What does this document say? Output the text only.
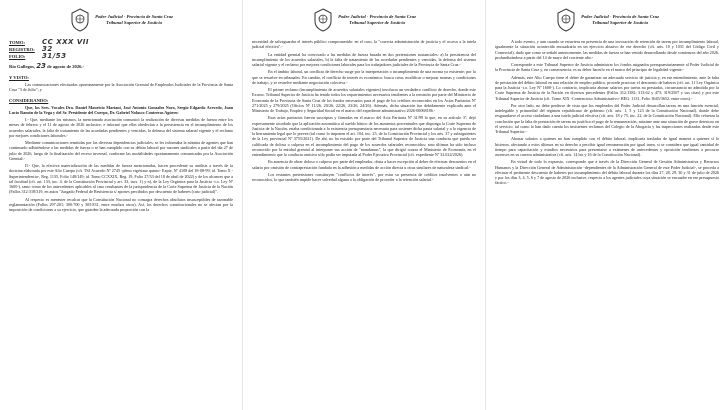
Poder Judicial - Provincia de Santa Cruz
Tribunal Superior de Justicia
TOMO:	CC XXX VII
REGISTRO:	32
FOLIO:	31/53
Río Gallegos, 23 de agosto de 2026.-
Y VISTO:

Las comunicaciones efectuadas oportunamente por la Asociación Gremial de Empleados Judiciales de la Provincia de Santa Cruz "3 de Julio"; y

CONSIDERANDO:

Que, los Sres. Vocales Dra. Daniel Mauricio Mariani, José Antonio Gonzalez Nora, Sergio Edgardo Acevedo, Juan Lucio Ramón de la Vega y del Sr. Presidente del Cuerpo, Dr. Gabriel Nolasco Contreras Agüero:

I.- Que, mediante los mismos, la mencionada asociación comunicó la realización de diversas medidas de fuerza entre los meses de febrero y el 11 de agosto de 2026 inclusive, e informó que ellas obedecían a la persistencia en el incumplimiento de los acuerdos salariales, la falta de tratamiento de las acordadas pendientes y vencidas, la defensa del sistema salarial vigente y el reclamo por mejores condiciones laborales.-

Mediante comunicaciones remitidas por las diversas dependencias judiciales, se les informaba la nómina de agentes que han continuado adhiriéndose a las medidas de fuerza o se han cumplido con su débito laboral por razones sindicales a partir del día 27 de julio de 2026, luego de la finalización del receso invernal, conforme las modalidades oportunamente comunicadas por la Asociación Gremial.-

II.- Que, la efectiva materialización de las medidas de fuerza mencionadas, hacen procedente su análisis a través de la doctrina elaborada por este Alto Cuerpo (cft. TSJ Acuerdo Nº 2745 -pleno vigésimo quinto- Expte. Nº 4108 del 18-08-99; id. Tomo X -Superintendencia-, Reg. 1135, Folio 148/149; id. Tomo CCXXIX, Reg. 19, Folio 27/33 del 18 de abril de 2022) y de los alcances que a tal facultad (cft. art. 133, inc. 4, de la Constitución Provincial y art. 33, incs. 1) y n), de la Ley Orgánica para la Justicia -t.o. Ley Nº 1600-), tanto como de los antecedentes aplicables al caso resultantes de la jurisprudencia de la Corte Suprema de Justicia de la Nación (Fallos 312:318/319, en autos "Juzgado Federal de Resistencia s/ aportes percibidos por descuento de haberes (caso judicial)".

Al respecto es menester recalcar que la Constitución Nacional no consagra derechos absolutos insusceptibles de razonable reglamentación (Fallos 297:201; 300:700 y 305:831, entre muchos otros). Así, los derechos constitucionales no se afectan por la imposición de condiciones a su ejercicio, que guarden la adecuada proporción con la

Poder Judicial - Provincia de Santa Cruz
Tribunal Superior de Justicia

necesidad de salvaguardar el interés público comprometido: en el caso, la "correcta administración de justicia y el acceso a la tutela judicial efectiva".-

La entidad gremial ha convocado a las medidas de fuerza basada en dos pretensiones sustanciales: a) la persistencia del incumplimiento de los acuerdos salariales, b) la falta de tratamiento de las acordadas pendientes y vencidas, la defensa del sistema salarial vigente y el reclamo por mejores condiciones laborales para los trabajadores judiciales de la Provincia de Santa Cruz.-

En el ámbito laboral, un conflicto de derecho surge por la interpretación o incumplimiento de una norma ya existente; por lo que se resuelve en tribunales. En cambio, el conflicto de interés es económico: busca crear, modificar o mejorar normas y condiciones de trabajo, y se resuelve mediante negociación colectiva.-

El primer reclamo (incumplimiento de acuerdos salariales vigentes) involucra un verdadero conflicto de derecho, donde este Excmo. Tribunal Superior de Justicia ha tenido todos los requerimientos necesarios tendientes a la remisión por parte del Ministerio de Economía de la Provincia de Santa Cruz de los fondos necesarios para el pago de los créditos reconocidos en los Actas Paritarias Nº 271/2025 y 279/2025 (Oficios Nº 11/26, 20/26, 22/26, 23/26, 24/26). Además, dicha situación fue debidamente explicada ante el Ministerio de Trabajo, Empleo y Seguridad Social en el marco del expediente administrativo 2026-00068186.-

Esas actas paritarias fueron suscriptas y firmadas en el marco del Acta Paritaria Nº 31/99 la que, en su artículo 3º, dejó expresamente acordado que la aplicación automática al sueldo básico de los aumentos porcentuales que disponga la Corte Suprema de Justicia de la Nación, estaba condicionada a la existencia presupuestaria necesaria para sostener dicha pauta salarial y a la vigencia de la herramienta legal que lo prevea (tal como lo imponen el art. 104, inc. 25, de la Constitución Provincial y los arts. 37 y subsiguientes de la Ley provincial Nº 3755/2021). De ahí, no ha existido por parte del Tribunal Superior de Justicia una conducta que pueda ser calificada de dolosa o culposa en el incumplimiento del pago de los acuerdos salariales reconocidos; sino últimas ha sido incluso reconocido por la entidad gremial al interponer sus acción de "mandamus", la que dirigió contra el Ministerio de Economía, en el entendimiento que la conducta omisiva sólo podía ser imputada al Poder Ejecutivo Provincial (cft. expediente Nº 32.022/2026).

En ausencia de obrar doloso o culposo por parte del empleador, obsta a hacer excepción al deber de efectuar descuentos en el salario por omisión de contraprestación fundada en la adhesión a medidas de acción directa u otras similares de naturaleza sindical.-

Los restantes pretensiones constituyen "conflictos de interés", por estar su presencia de créditos insolventes o aún no reconocidos, lo que también impide hacer salvedad alguna a la obligación de proceder a la retención salarial.-

Poder Judicial - Provincia de Santa Cruz
Tribunal Superior de Justicia

A todo evento, y aun cuando se estuviera en presencia de una invocación de retención de tareas por incumplimiento laboral, igualmente la situación acontecida encuadraría en un ejercicio abusivo de ese derecho (cft. arts. 10 y 1031 del Código Civil y Comercial), dado que como se señaló anteriormente, las medidas de fuerza se han venido desarrollando desde comienzos del año 2026, profundizándose a partir del 14 de mayo del corriente año.-

Corresponde a este Tribunal Superior de Justicia administrar los fondos asignados presupuestariamente al Poder Judicial de la Provincia de Santa Cruz y, en consecuencia, es su deber hacerlo en el marco del principio de legalidad vigente.-

Además, este Alto Cuerpo tiene el deber de garantizar un adecuado servicio de justicia y, en ese entendimiento, ante la falta de prestación del débito laboral en una relación de empleo público, procede practicar el descuento de haberes (cft. art. 11 Ley Orgánica para la Justicia -t.o. Ley Nº 1600-). Lo contrario, implicaría abonar salarios por tareas no prestadas, circunstancia no admitida por la Corte Suprema de Justicia de la Nación en diversos precedentes (Fallos 312:1382; 313:62 y 473; 319/2507 y sus citas) y por este Tribunal Superior de Justicia (cft. Tomo XIX -Contencioso Administrativo- REG. 1131, Folio 3645/3652, entre otros).-

Por otro lado, no debe perderse de vista que los empleados del Poder Judicial desarrollan tareas en una función esencial, indelegable y primordial del régimen republicano de gobierno (cft. arts. 1, 5 y 123 de la Constitución Nacional), donde debe resguardarse el acceso ciudadano a una tutela judicial efectiva (cft. arts. 18 y 75, inc. 22, de la Constitución Nacional). Ello refuerza la conclusión que la falta de prestación de tareas no justifica el pago de la remuneración, máxime ante una situación de grave deterioro en el servicio, tal como lo han dado cuenta los insistentes reclamos del Colegio de la Abogacía y las inspecciones realizadas desde este Tribunal Superior.-

Abonar salarios a quienes no han cumplido con el débito laboral, implicaría trasladar de igual manera a quienes sí lo hicieron, afectando a estos últimos en su derecho a percibir igual remuneración por igual tarea, si se considera que igual cantidad de tiempo para capacitación y estudios necesarios para presentarse a exámenes de antecedentes y oposición tendientes a procurar ascensos en su carrera administrativa (cft. arts. 14 bis y 16 de la Constitución Nacional).

En virtud de todo lo expuesto, corresponde que a través de la Dirección General de Gestión Administrativa y Recursos Humanos y la Dirección General de Administración -dependientes de la Administración General de este Poder Judicial-, se proceda a efectuar el pertinente descuento de haberes por incumplimiento del débito laboral durante los días 27, 28, 29, 30 y 31 de julio de 2026 y por los días 3, 4, 5, 6 y 7 de agosto de 2026 inclusive, respecto a los agentes judiciales cuya situación se encuadre en ese presupuesto fáctico.-
